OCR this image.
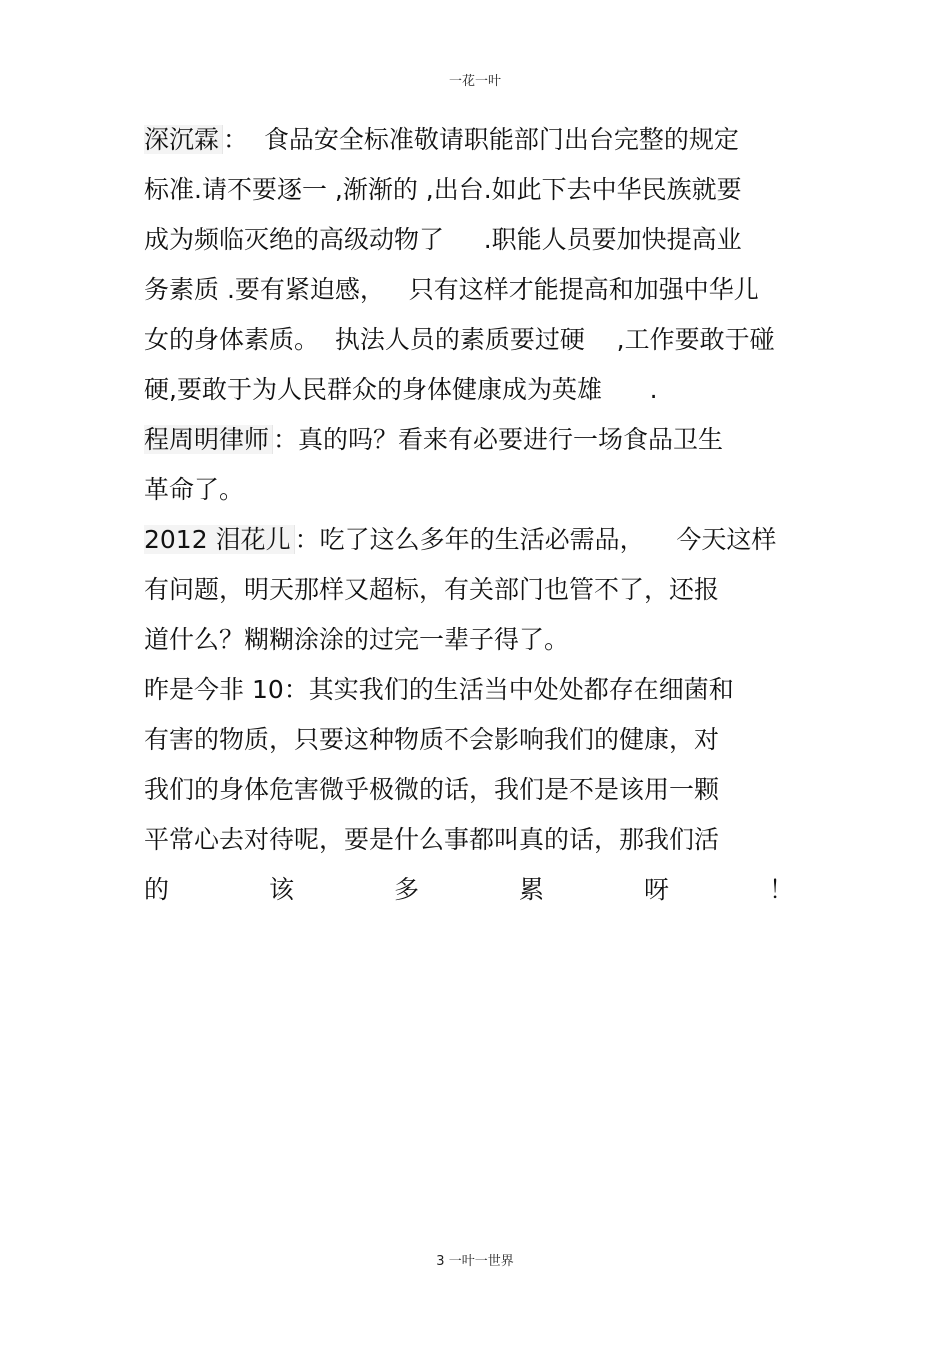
一花一叶
深沉霖 ：  食品安全标准敬请职能部门出台完整的规定
标准.请不要逐一 ,渐渐的 ,出台.如此下去中华民族就要
成为频临灭绝的高级动物了     .职能人员要加快提高业
务素质 .要有紧迫感，   只有这样才能提高和加强中华儿
女的身体素质。  执法人员的素质要过硬    ,工作要敢于碰
硬,要敢于为人民群众的身体健康成为英雄      .
程周明律师 ：真的吗？看来有必要进行一场食品卫生
革命了。
2012 泪花儿 ：吃了这么多年的生活必需品，    今天这样
有问题，明天那样又超标，有关部门也管不了，还报
道什么？糊糊涂涂的过完一辈子得了。
昨是今非 10：其实我们的生活当中处处都存在细菌和
有害的物质，只要这种物质不会影响我们的健康，对
我们的身体危害微乎极微的话，我们是不是该用一颗
平常心去对待呢，要是什么事都叫真的话，那我们活
的	该	多	累	呀	！
3 一叶一世界
